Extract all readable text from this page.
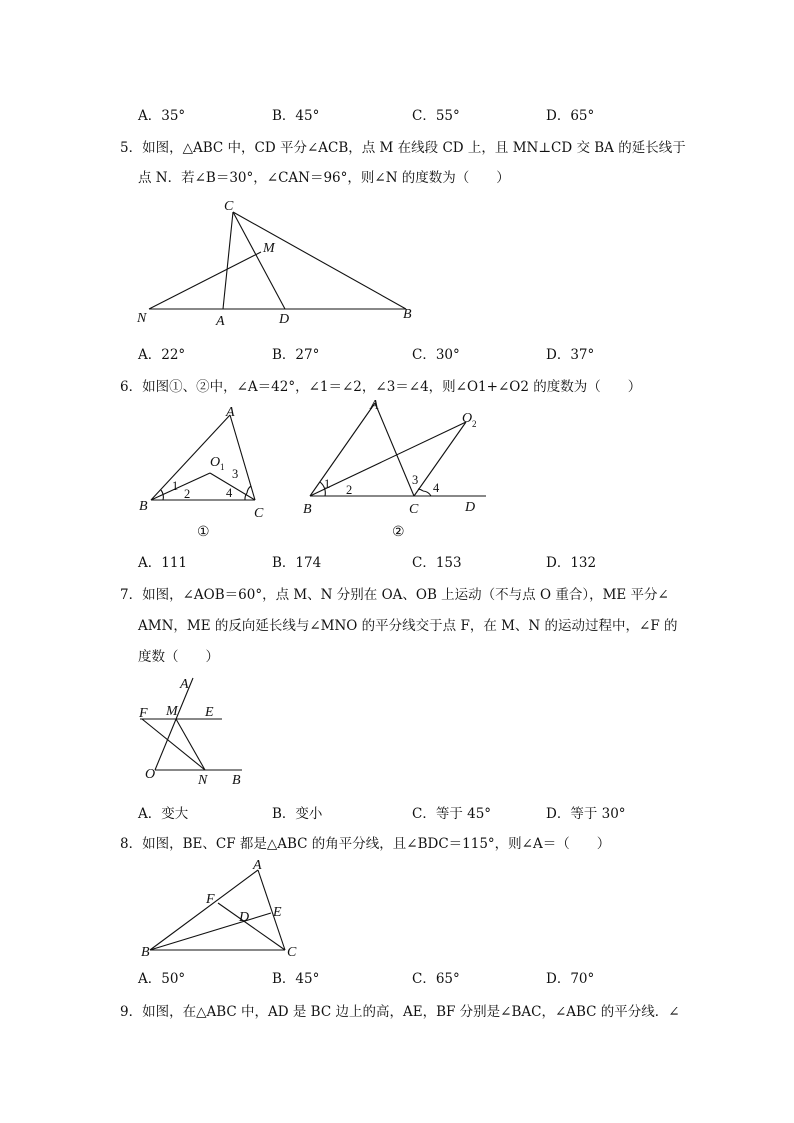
A．35°	B．45°	C．55°	D．65°
5．如图，△ABC 中，CD 平分∠ACB，点 M 在线段 CD 上，且 MN⊥CD 交 BA 的延长线于
点 N．若∠B＝30°，∠CAN＝96°，则∠N 的度数为（　　）
C
M
N	A	D	B
A
B	C
O 1
1
2
3
4
①
A
B	C	D
O 2
1 2
3
4
②
A
F M E
O	N B
A
F
D E
B	C
A．22°	B．27°	C．30°	D．37°
6．如图①、②中，∠A＝42°，∠1＝∠2，∠3＝∠4，则∠O1+∠O2 的度数为（　　）
A．111	B．174	C．153	D．132
7．如图，∠AOB＝60°，点 M、N 分别在 OA、OB 上运动（不与点 O 重合），ME 平分∠
AMN，ME 的反向延长线与∠MNO 的平分线交于点 F，在 M、N 的运动过程中，∠F 的
度数（　　）
A．变大	B．变小	C．等于 45°	D．等于 30°
8．如图，BE、CF 都是△ABC 的角平分线，且∠BDC＝115°，则∠A＝（　　）
A．50°	B．45°	C．65°	D．70°
9．如图，在△ABC 中，AD 是 BC 边上的高，AE，BF 分别是∠BAC，∠ABC 的平分线．∠
